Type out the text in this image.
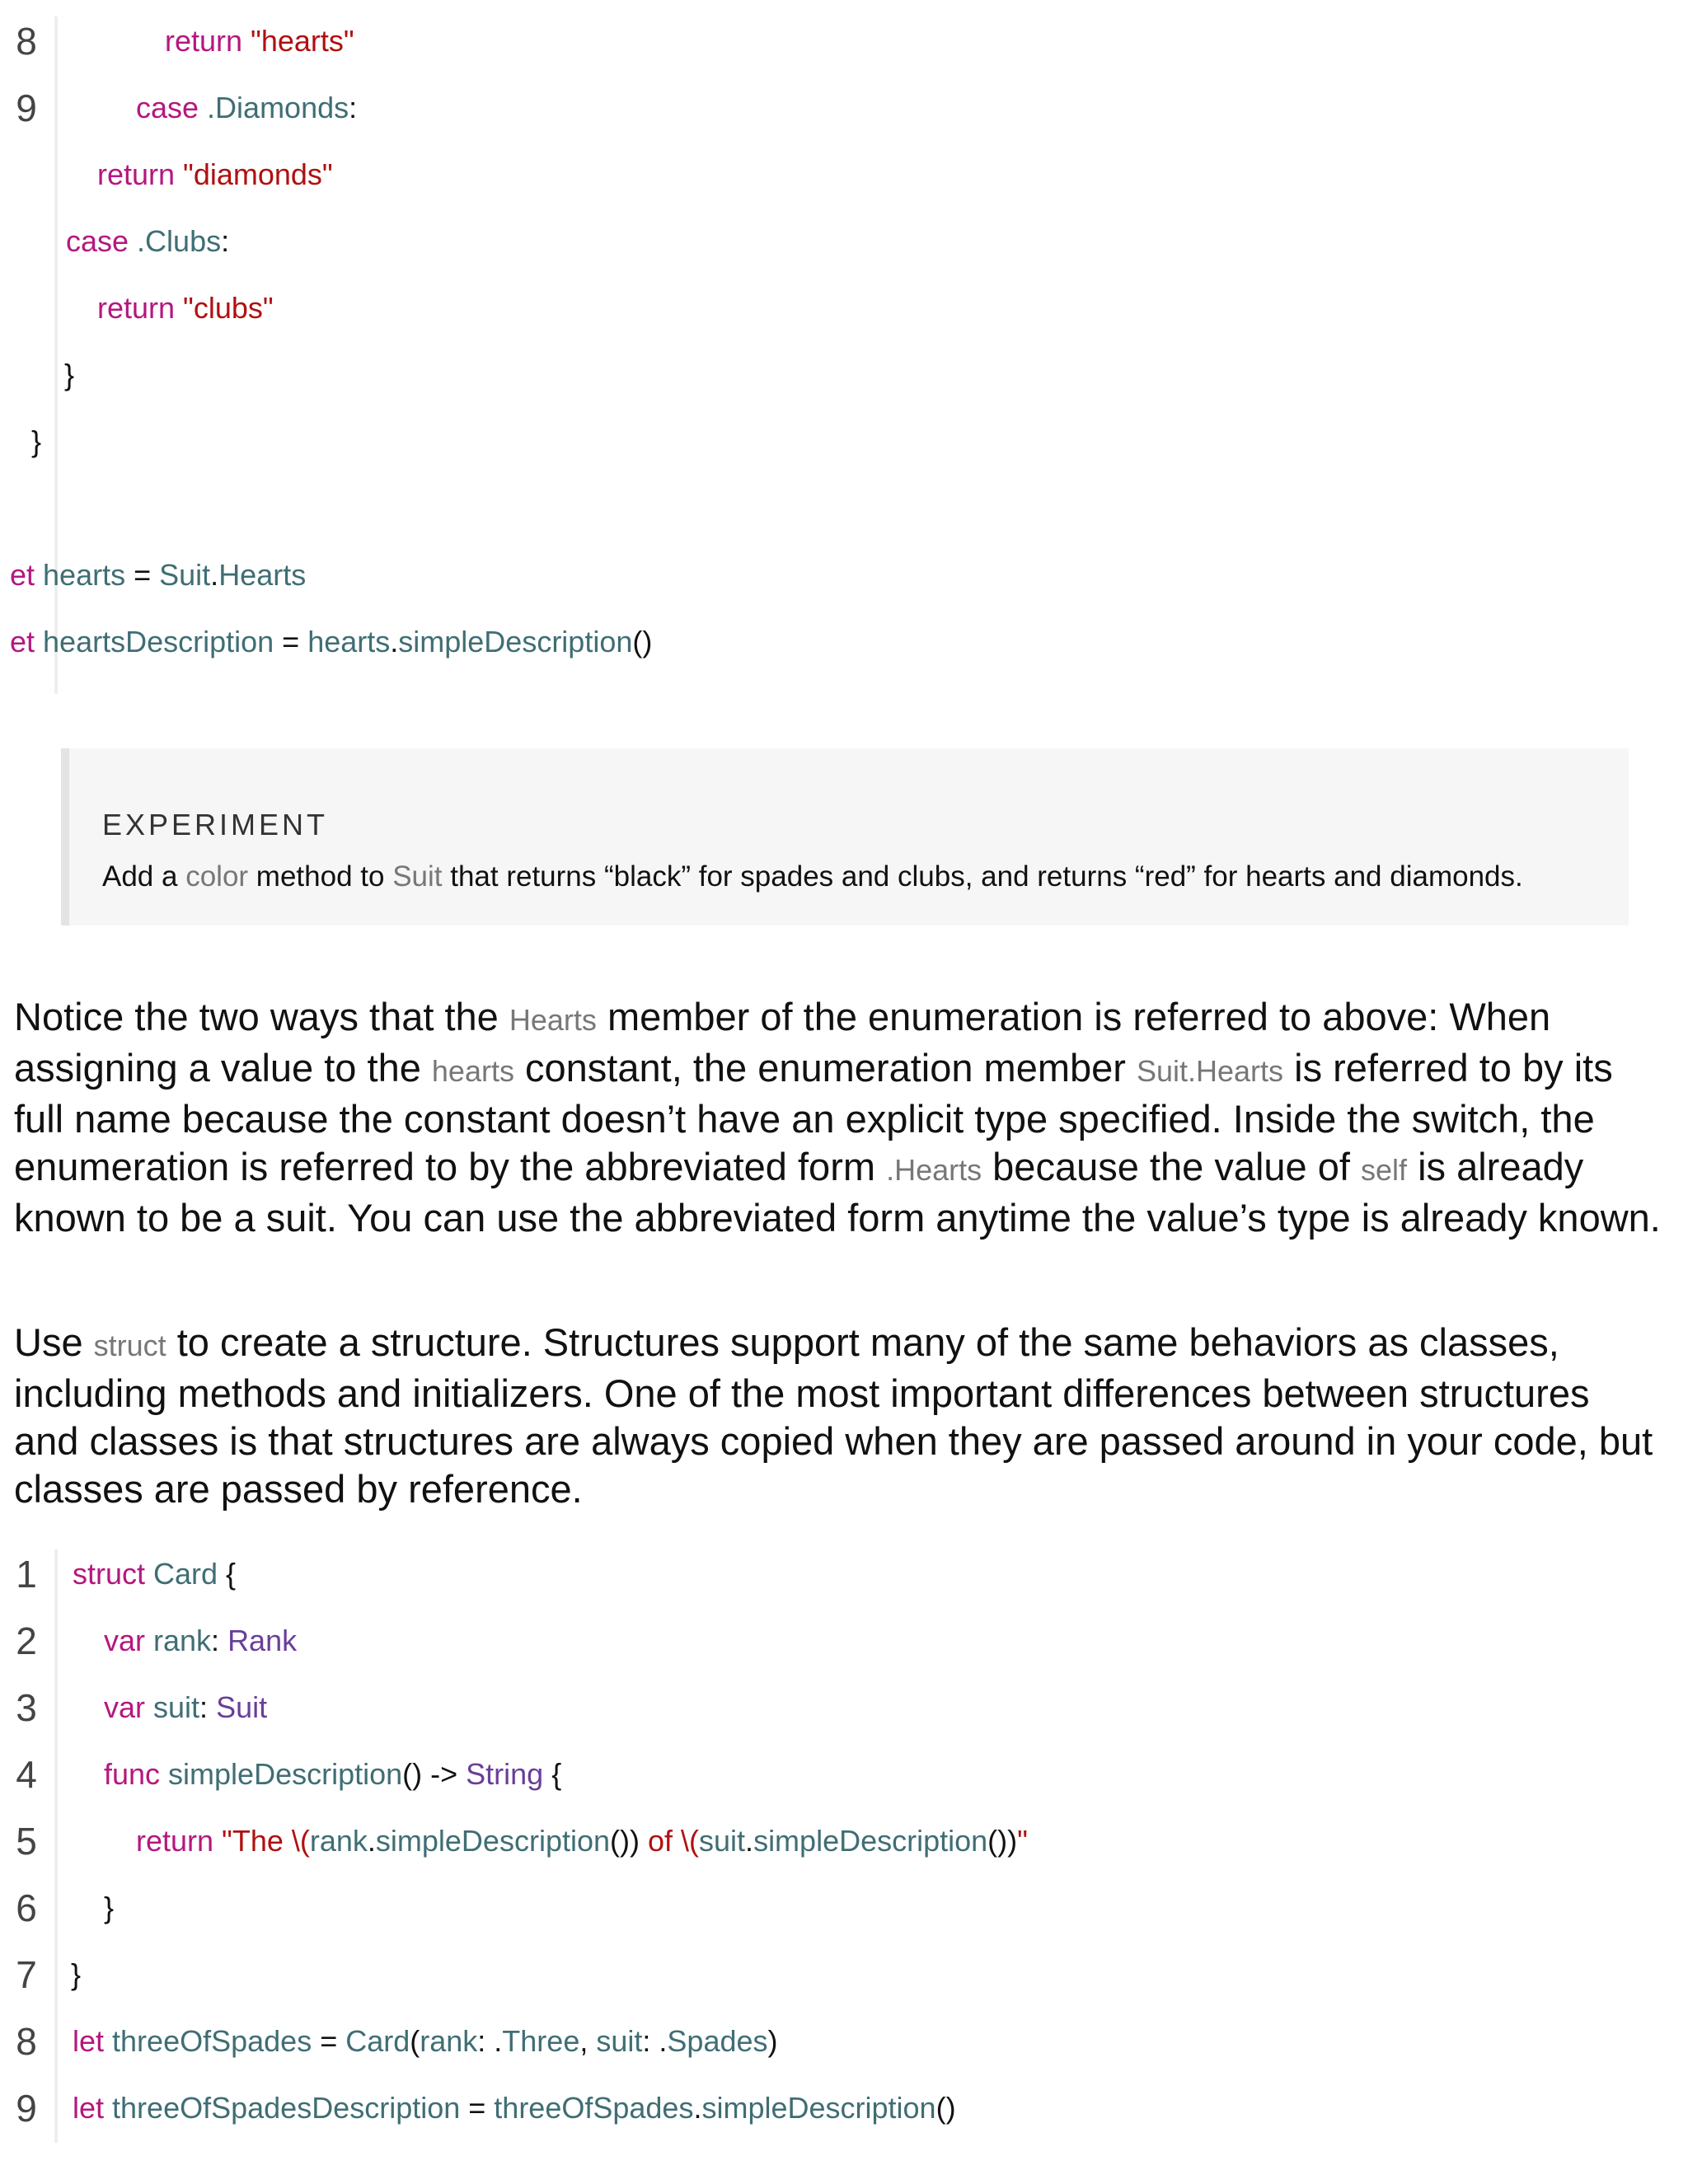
8	return "hearts"
9	case .Diamonds:
return "diamonds"
case .Clubs:
return "clubs"
}
}
et hearts = Suit.Hearts
et heartsDescription = hearts.simpleDescription()
EXPERIMENT
Add a color method to Suit that returns “black” for spades and clubs, and returns “red” for hearts and diamonds.
Notice the two ways that the Hearts member of the enumeration is referred to above: When assigning a value to the hearts constant, the enumeration member Suit.Hearts is referred to by its full name because the constant doesn’t have an explicit type specified. Inside the switch, the enumeration is referred to by the abbreviated form .Hearts because the value of self is already known to be a suit. You can use the abbreviated form anytime the value’s type is already known.
Use struct to create a structure. Structures support many of the same behaviors as classes, including methods and initializers. One of the most important differences between structures and classes is that structures are always copied when they are passed around in your code, but classes are passed by reference.
1	struct Card {
2	var rank: Rank
3	var suit: Suit
4	func simpleDescription() -> String {
5	return "The \(rank.simpleDescription()) of \(suit.simpleDescription())"
6	}
7	}
8	let threeOfSpades = Card(rank: .Three, suit: .Spades)
9	let threeOfSpadesDescription = threeOfSpades.simpleDescription()
